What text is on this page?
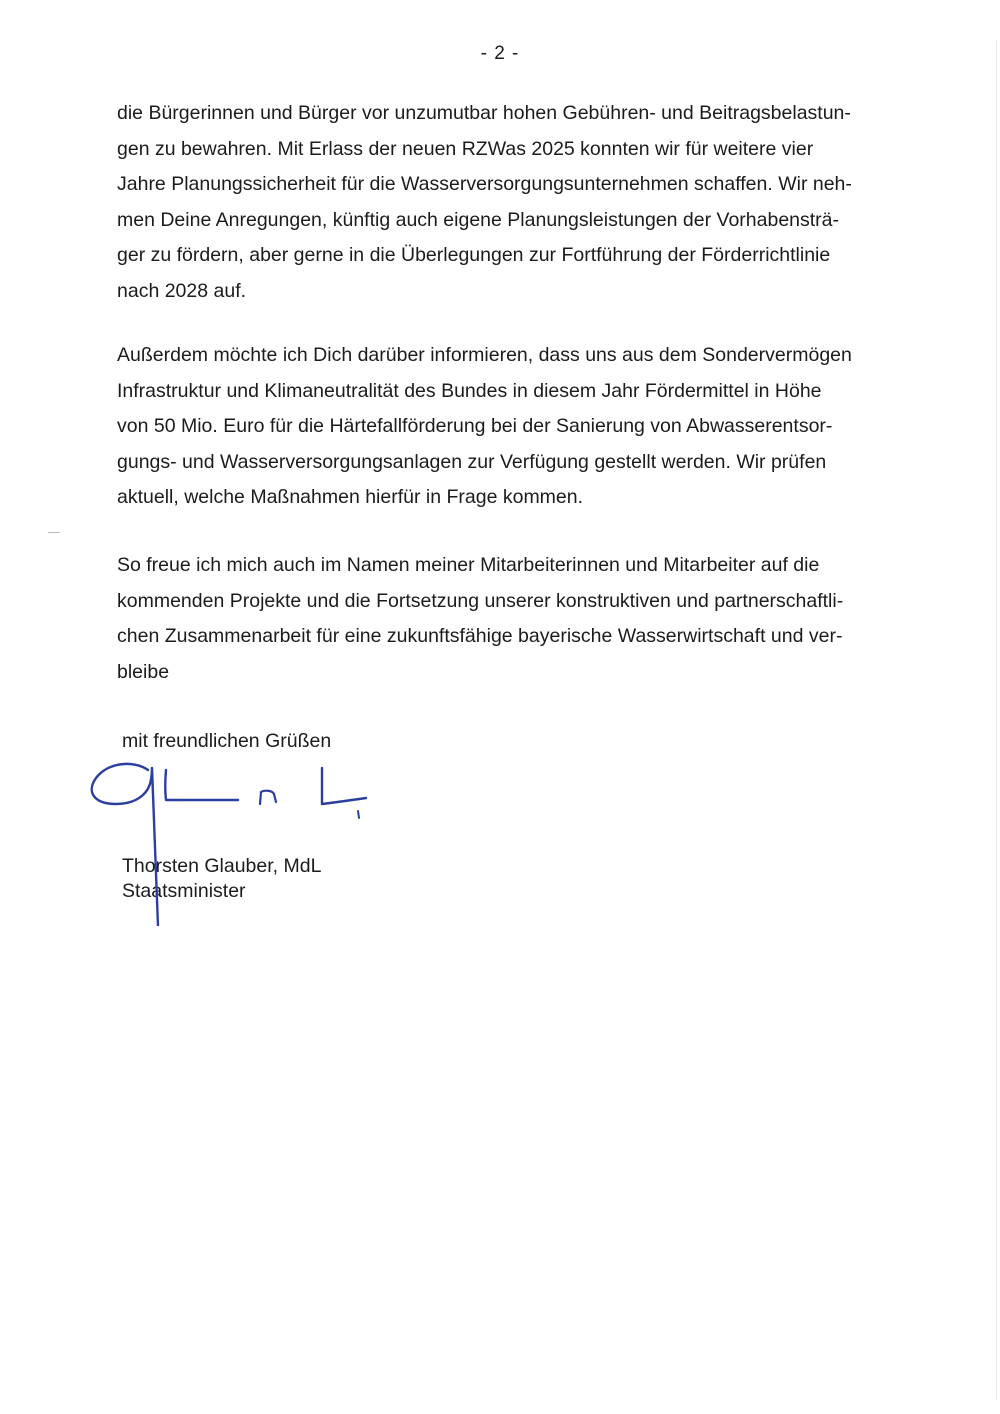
- 2 -
die Bürgerinnen und Bürger vor unzumutbar hohen Gebühren- und Beitragsbelastun-
gen zu bewahren. Mit Erlass der neuen RZWas 2025 konnten wir für weitere vier
Jahre Planungssicherheit für die Wasserversorgungsunternehmen schaffen. Wir neh-
men Deine Anregungen, künftig auch eigene Planungsleistungen der Vorhabensträ-
ger zu fördern, aber gerne in die Überlegungen zur Fortführung der Förderrichtlinie
nach 2028 auf.
Außerdem möchte ich Dich darüber informieren, dass uns aus dem Sondervermögen
Infrastruktur und Klimaneutralität des Bundes in diesem Jahr Fördermittel in Höhe
von 50 Mio. Euro für die Härtefallförderung bei der Sanierung von Abwasserentsor-
gungs- und Wasserversorgungsanlagen zur Verfügung gestellt werden. Wir prüfen
aktuell, welche Maßnahmen hierfür in Frage kommen.
So freue ich mich auch im Namen meiner Mitarbeiterinnen und Mitarbeiter auf die
kommenden Projekte und die Fortsetzung unserer konstruktiven und partnerschaftli-
chen Zusammenarbeit für eine zukunftsfähige bayerische Wasserwirtschaft und ver-
bleibe
mit freundlichen Grüßen
Thorsten Glauber, MdL
Staatsminister
